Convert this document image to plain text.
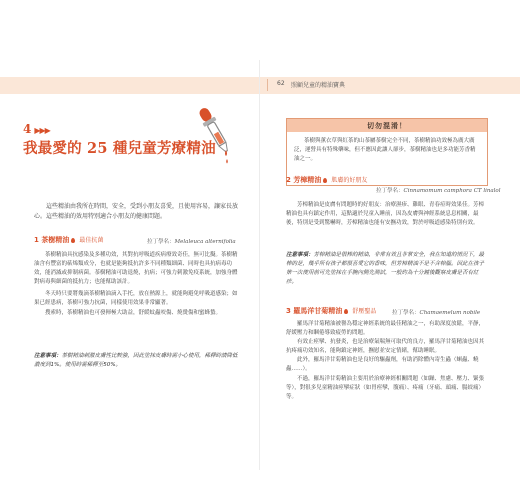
62 照顧兒童的精油寶典
4 ▶▶▶
我最愛的 25 種兒童芳療精油

這些精油由我所在時間，安全，受到小朋友喜愛，且使用容易，讓家長放心。這些精油的效用特別適合小朋友的健康問題。

1 茶樹精油 最佳抗菌	拉丁學名：Melaleuca alternifolia

茶樹精油具抗感染及多種功效，其對抗呼吸道疾病療效奇佳，無可比擬。茶樹精油含有豐富的萜烯類成分，也就是能夠抵抗許多不同種類細菌、同時也具抗病毒功效，能消滅或抑制病菌。茶樹精油可助退燒，抗病；可強力刺激免疫系統，加強身體對病毒與細菌的抵抗力；也能幫助該計。

冬天時只要將幾滴茶樹精油滴入手托，放在熱源上，就能夠避免呼吸道感染；如果已經患病，茶樹可強力抗菌，同樣使用效果非常顯著。

搜索時，茶樹精油也可發揮極大助益，舒緩蚊蟲咬傷、燒燙傷和蜜蜂蟄。

注意事項：茶樹精油刺激皮膚性比較強，因此塗抹皮膚時需小心使用，稀釋時請降低濃度到1%。使用時需稀釋至50%。
切勿混淆！

茶樹與薰衣草與紅茶的山茶屬茶樹完全不同，茶樹精油功效極為廣大廣泛，運營具有特殊藥味，但不應因此讓人卻步，茶樹精油也是多功能芳香精油之一。

2 芳樟精油 肌膚的好朋友
拉丁學名：Cinnamomum camphora CT linalol

芳樟精油是皮膚有問題時的好朋友：治療濕疹、雞眼、青春痘時效果佳。芳樟精油也具有鎮定作用，這點適於兒童入睡前，因為皮膚與神經系統息息相關，最後，特別是受到驚嚇時，芳樟精油也能有安撫功效，對於呼吸道感染特別有效。

注意事項：芳樟精油是很棒的精油，非常有效且非常安全，我在知道的情況下，最棒的是，幾乎所有孩子都很喜愛它的香味，但芳樟精油不是不含樟腦。因此在孩子第一次使用前可先塗抹在手腕內側先測試，一般約為十分鐘後觀察皮膚是否有紅疹。
3 羅馬洋甘菊精油 舒壓聖品	拉丁學名：Chamaemelum nobile

羅馬洋甘菊精油被譽為穩定神經系統的最佳精油之一，有助深度放鬆，平靜，舒緩壓力和睏倦導致疲勞的問題。

有效止痙攣、抗發炎，也是治療氣喘無可取代的良方，羅馬洋甘菊精油也因其抗疼痛功效知名，能夠鎮定神經，撫慰並安定情緒，幫助睡眠。

此外，羅馬洋甘菊精油也是良好的驅蟲劑，有助消除體內寄生蟲（蛔蟲、蟯蟲……）。

不過，羅馬洋甘菊精油主要用於治療神經相關問題（如躁、焦慮、壓力、緊張等），對很多兒童精油痙攣症狀（如胃痙攣，腹痛）、疼痛（牙痛、頭痛、腸絞痛）等。
